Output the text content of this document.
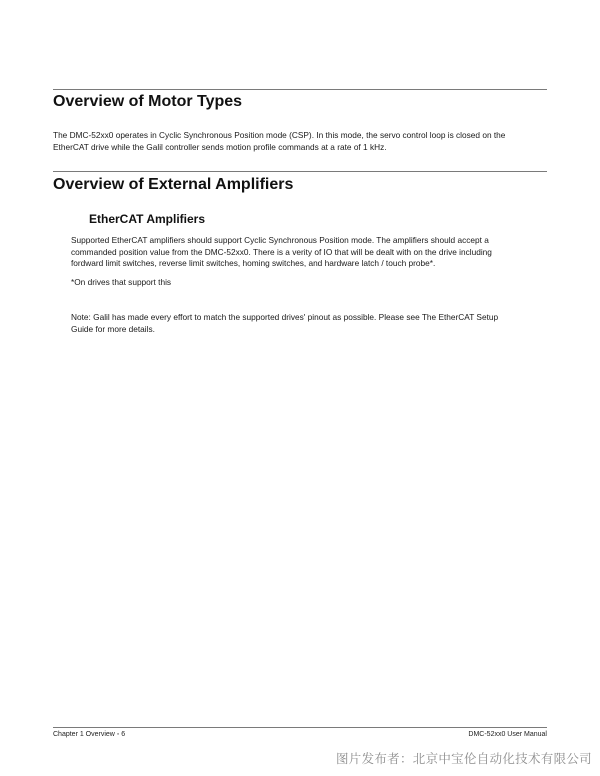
Overview of Motor Types
The DMC-52xx0 operates in Cyclic Synchronous Position mode (CSP). In this mode, the servo control loop is closed on the
EtherCAT drive while the Galil controller sends motion profile commands at a rate of 1 kHz.
Overview of External Amplifiers
EtherCAT Amplifiers
Supported EtherCAT amplifiers should support Cyclic Synchronous Position mode. The amplifiers should accept a
commanded position value from the DMC-52xx0. There is a verity of IO that will be dealt with on the drive including
fordward limit switches, reverse limit switches, homing switches, and hardware latch / touch probe*.
*On drives that support this
Note: Galil has made every effort to match the supported drives' pinout as possible. Please see The EtherCAT Setup
Guide for more details.
Chapter 1 Overview ◦ 6	DMC-52xx0 User Manual
图片发布者：北京中宝伦自动化技术有限公司
